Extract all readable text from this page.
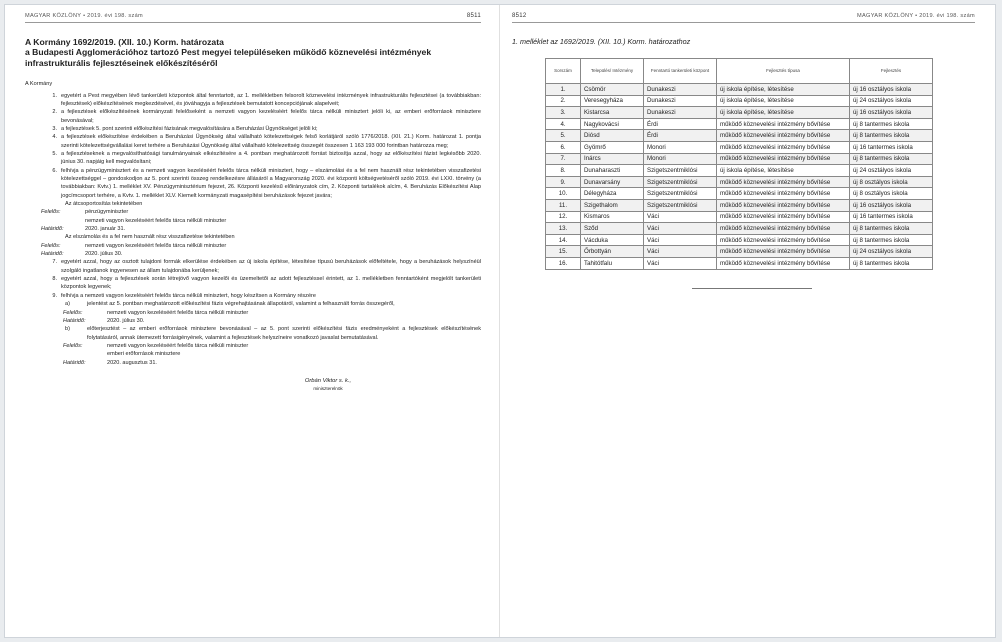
MAGYAR KÖZLÖNY • 2019. évi 198. szám	8511
A Kormány 1692/2019. (XII. 10.) Korm. határozata
a Budapesti Agglomerációhoz tartozó Pest megyei településeken működő köznevelési intézmények
infrastrukturális fejlesztéseinek előkészítéséről
A Kormány
1. egyetért a Pest megyében lévő tankerületi központok által fenntartott, az 1. mellékletben felsorolt köznevelési intézmények infrastrukturális fejlesztései (a továbbiakban: fejlesztések) előkészítésének megkezdésével, és jóváhagyja a fejlesztések bemutatott koncepciójának alapelveit;
2. a fejlesztések előkészítésének kormányzati felelőseként a nemzeti vagyon kezeléséért felelős tárca nélküli minisztert jelöli ki, az emberi erőforrások minisztere bevonásával;
3. a fejlesztések 5. pont szerinti előkészítési fázisának megvalósítására a Beruházási Ügynökséget jelöli ki;
4. a fejlesztések előkészítése érdekében a Beruházási Ügynökség által vállalható kötelezettségek felső korlátjáról szóló 1776/2018. (XII. 21.) Korm. határozat 1. pontja szerinti kötelezettségvállalási keret terhére a Beruházási Ügynökség által vállalható kötelezettség összegét összesen 1 163 193 000 forintban határozza meg;
5. a fejlesztéseknek a megvalósíthatósági tanulmányainak elkészítésére a 4. pontban meghatározott forrást biztosítja azzal, hogy az előkészítési fázist legkésőbb 2020. június 30. napjáig kell megvalósítani;
6. felhívja a pénzügyminisztert és a nemzeti vagyon kezeléséért felelős tárca nélküli minisztert, hogy – elszámolási és a fel nem használt rész tekintetében visszafizetési kötelezettséggel – gondoskodjon az 5. pont szerinti összeg rendelkezésre állásáról a Magyarország 2020. évi központi költségvetéséről szóló 2019. évi LXXI. törvény (a továbbiakban: Kvtv.) 1. melléklet XV. Pénzügyminisztérium fejezet, 26. Központi kezelésű előirányzatok cím, 2. Központi tartalékok alcím, 4. Beruházás Előkészítési Alap jogcímcsoport terhére, a Kvtv. 1. melléklet XLV. Kiemelt kormányzati magasépítési beruházások fejezet javára;
Az átcsoportosítás tekintetében
Felelős:	pénzügyminiszter
nemzeti vagyon kezeléséért felelős tárca nélküli miniszter
Határidő:	2020. január 31.
Az elszámolás és a fel nem használt rész visszafizetése tekintetében
Felelős:	nemzeti vagyon kezeléséért felelős tárca nélküli miniszter
Határidő:	2020. július 30.
7. egyetért azzal, hogy az osztott tulajdoni formák elkerülése érdekében az új iskola építése, létesítése típusú beruházások előfeltétele, hogy a beruházások helyszínéül szolgáló ingatlanok ingyenesen az állam tulajdonába kerüljenek;
8. egyetért azzal, hogy a fejlesztések során létrejövő vagyon kezelői és üzemeltetői az adott fejlesztéssel érintett, az 1. mellékletben fenntartóként megjelölt tankerületi központok legyenek;
9. felhívja a nemzeti vagyon kezeléséért felelős tárca nélküli minisztert, hogy készítsen a Kormány részére
a)	jelentést az 5. pontban meghatározott előkészítési fázis végrehajtásának állapotáról, valamint a felhasznált forrás összegéről,
Felelős:	nemzeti vagyon kezeléséért felelős tárca nélküli miniszter
Határidő:	2020. július 30.
b)	előterjesztést – az emberi erőforrások minisztere bevonásával – az 5. pont szerinti előkészítési fázis eredményeként a fejlesztések előkészítésének folytatásáról, annak ütemezett forrásigényének, valamint a fejlesztések helyszíneire vonatkozó javaslat bemutatásával.
Felelős:	nemzeti vagyon kezeléséért felelős tárca nélküli miniszter
emberi erőforrások minisztere
Határidő:	2020. augusztus 31.
Orbán Viktor s. k.,
miniszterelnök
8512	MAGYAR KÖZLÖNY • 2019. évi 198. szám
1. melléklet az 1692/2019. (XII. 10.) Korm. határozathoz
Sorszám	Település/ Intézmény	Fenntartó tankerületi központ	Fejlesztés típusa	Fejlesztés
1.	Csömör	Dunakeszi	új iskola építése, létesítése	új 16 osztályos iskola
2.	Veresegyháza	Dunakeszi	új iskola építése, létesítése	új 24 osztályos iskola
3.	Kistarcsa	Dunakeszi	új iskola építése, létesítése	új 16 osztályos iskola
4.	Nagykovácsi	Érdi	működő köznevelési intézmény bővítése	új 8 tantermes iskola
5.	Diósd	Érdi	működő köznevelési intézmény bővítése	új 8 tantermes iskola
6.	Gyömrő	Monori	működő köznevelési intézmény bővítése	új 16 tantermes iskola
7.	Inárcs	Monori	működő köznevelési intézmény bővítése	új 8 tantermes iskola
8.	Dunaharaszti	Szigetszentmiklósi	új iskola építése, létesítése	új 24 osztályos iskola
9.	Dunavarsány	Szigetszentmiklósi	működő köznevelési intézmény bővítése	új 8 osztályos iskola
10.	Délegyháza	Szigetszentmiklósi	működő köznevelési intézmény bővítése	új 8 osztályos iskola
11.	Szigethalom	Szigetszentmiklósi	működő köznevelési intézmény bővítése	új 16 osztályos iskola
12.	Kismaros	Váci	működő köznevelési intézmény bővítése	új 16 tantermes iskola
13.	Sződ	Váci	működő köznevelési intézmény bővítése	új 8 tantermes iskola
14.	Vácduka	Váci	működő köznevelési intézmény bővítése	új 8 tantermes iskola
15.	Őrbottyán	Váci	működő köznevelési intézmény bővítése	új 24 osztályos iskola
16.	Tahitótfalu	Váci	működő köznevelési intézmény bővítése	új 8 tantermes iskola
